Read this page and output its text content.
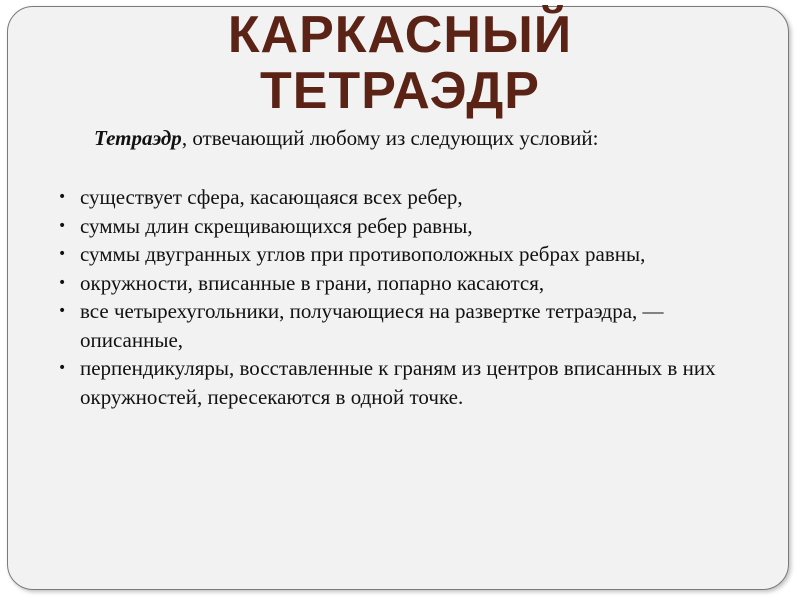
КАРКАСНЫЙ
ТЕТРАЭДР

Тетраэдр, отвечающий любому из следующих условий:

• существует сфера, касающаяся всех ребер,
• суммы длин скрещивающихся ребер равны,
• суммы двугранных углов при противоположных ребрах равны,
• окружности, вписанные в грани, попарно касаются,
• все четырехугольники, получающиеся на развертке тетраэдра, — описанные,
• перпендикуляры, восставленные к граням из центров вписанных в них окружностей, пересекаются в одной точке.
